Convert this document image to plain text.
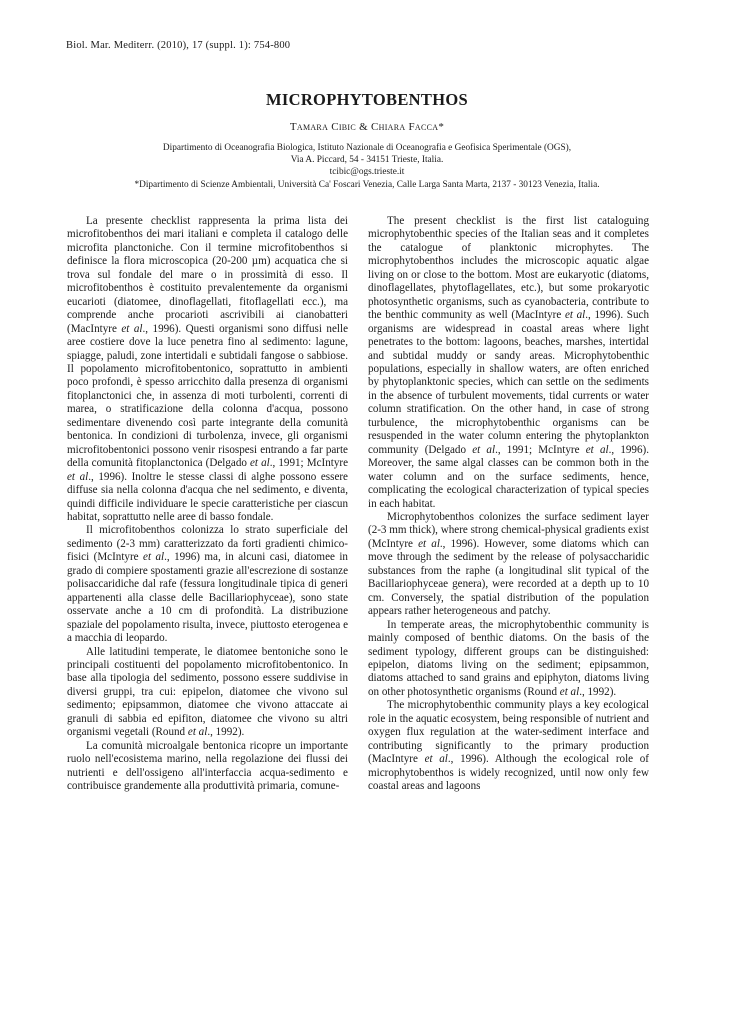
Biol. Mar. Mediterr. (2010), 17 (suppl. 1): 754-800
MICROPHYTOBENTHOS
Tamara Cibic & Chiara Facca*
Dipartimento di Oceanografia Biologica, Istituto Nazionale di Oceanografia e Geofisica Sperimentale (OGS),
Via A. Piccard, 54 - 34151 Trieste, Italia.
tcibic@ogs.trieste.it
*Dipartimento di Scienze Ambientali, Università Ca' Foscari Venezia, Calle Larga Santa Marta, 2137 - 30123 Venezia, Italia.

La presente checklist rappresenta la prima lista dei microfitobenthos dei mari italiani e completa il catalogo delle microfita planctoniche. Con il termine microfitobenthos si definisce la flora microscopica (20-200 µm) acquatica che si trova sul fondale del mare o in prossimità di esso. Il microfitobenthos è costituito prevalentemente da organismi eucarioti (diatomee, dinoflagellati, fitoflagellati ecc.), ma comprende anche procarioti ascrivibili ai cianobatteri (MacIntyre et al., 1996). Questi organismi sono diffusi nelle aree costiere dove la luce penetra fino al sedimento: lagune, spiagge, paludi, zone intertidali e subtidali fangose o sabbiose. Il popolamento microfitobentonico, soprattutto in ambienti poco profondi, è spesso arricchito dalla presenza di organismi fitoplanctonici che, in assenza di moti turbolenti, correnti di marea, o stratificazione della colonna d'acqua, possono sedimentare divenendo così parte integrante della comunità bentonica. In condizioni di turbolenza, invece, gli organismi microfitobentonici possono venir risospesi entrando a far parte della comunità fitoplanctonica (Delgado et al., 1991; McIntyre et al., 1996). Inoltre le stesse classi di alghe possono essere diffuse sia nella colonna d'acqua che nel sedimento, e diventa, quindi difficile individuare le specie caratteristiche per ciascun habitat, soprattutto nelle aree di basso fondale.

Il microfitobenthos colonizza lo strato superficiale del sedimento (2-3 mm) caratterizzato da forti gradienti chimico-fisici (McIntyre et al., 1996) ma, in alcuni casi, diatomee in grado di compiere spostamenti grazie all'escrezione di sostanze polisaccaridiche dal rafe (fessura longitudinale tipica di generi appartenenti alla classe delle Bacillariophyceae), sono state osservate anche a 10 cm di profondità. La distribuzione spaziale del popolamento risulta, invece, piuttosto eterogenea e a macchia di leopardo.

Alle latitudini temperate, le diatomee bentoniche sono le principali costituenti del popolamento microfitobentonico. In base alla tipologia del sedimento, possono essere suddivise in diversi gruppi, tra cui: epipelon, diatomee che vivono sul sedimento; epipsammon, diatomee che vivono attaccate ai granuli di sabbia ed epifiton, diatomee che vivono su altri organismi vegetali (Round et al., 1992).

La comunità microalgale bentonica ricopre un importante ruolo nell'ecosistema marino, nella regolazione dei flussi dei nutrienti e dell'ossigeno all'interfaccia acqua-sedimento e contribuisce grandemente alla produttività primaria, comune-

The present checklist is the first list cataloguing microphytobenthic species of the Italian seas and it completes the catalogue of planktonic microphytes. The microphytobenthos includes the microscopic aquatic algae living on or close to the bottom. Most are eukaryotic (diatoms, dinoflagellates, phytoflagellates, etc.), but some prokaryotic photosynthetic organisms, such as cyanobacteria, contribute to the benthic community as well (MacIntyre et al., 1996). Such organisms are widespread in coastal areas where light penetrates to the bottom: lagoons, beaches, marshes, intertidal and subtidal muddy or sandy areas. Microphytobenthic populations, especially in shallow waters, are often enriched by phytoplanktonic species, which can settle on the sediments in the absence of turbulent movements, tidal currents or water column stratification. On the other hand, in case of strong turbulence, the microphytobenthic organisms can be resuspended in the water column entering the phytoplankton community (Delgado et al., 1991; McIntyre et al., 1996). Moreover, the same algal classes can be common both in the water column and on the surface sediments, hence, complicating the ecological characterization of typical species in each habitat.

Microphytobenthos colonizes the surface sediment layer (2-3 mm thick), where strong chemical-physical gradients exist (McIntyre et al., 1996). However, some diatoms which can move through the sediment by the release of polysaccharidic substances from the raphe (a longitudinal slit typical of the Bacillariophyceae genera), were recorded at a depth up to 10 cm. Conversely, the spatial distribution of the population appears rather heterogeneous and patchy.

In temperate areas, the microphytobenthic community is mainly composed of benthic diatoms. On the basis of the sediment typology, different groups can be distinguished: epipelon, diatoms living on the sediment; epipsammon, diatoms attached to sand grains and epiphyton, diatoms living on other photosynthetic organisms (Round et al., 1992).

The microphytobenthic community plays a key ecological role in the aquatic ecosystem, being responsible of nutrient and oxygen flux regulation at the water-sediment interface and contributing significantly to the primary production (MacIntyre et al., 1996). Although the ecological role of microphytobenthos is widely recognized, until now only few coastal areas and lagoons
